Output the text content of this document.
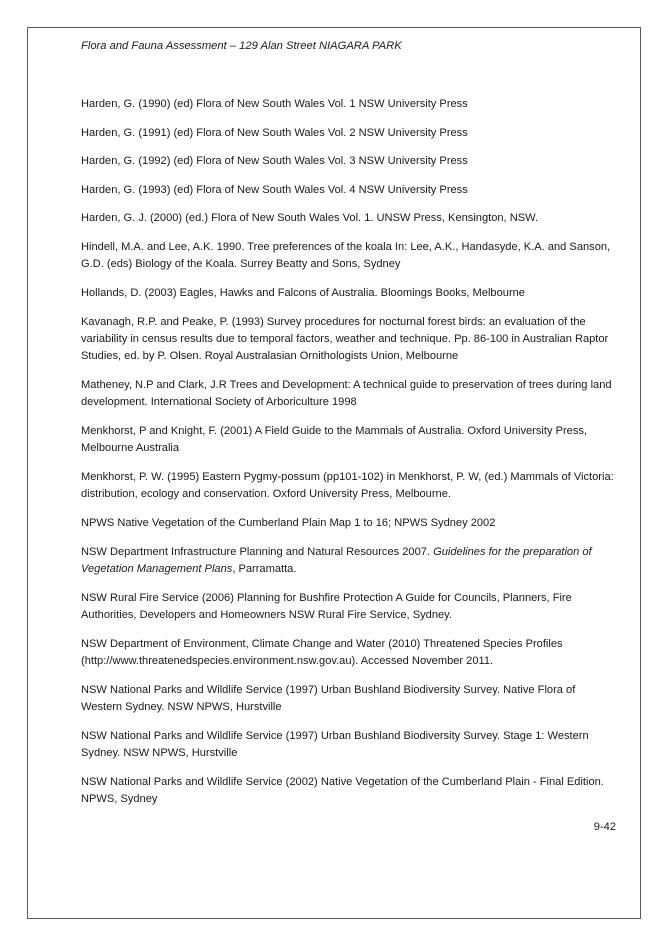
Flora and Fauna Assessment – 129 Alan Street NIAGARA PARK
Harden, G. (1990) (ed) Flora of New South Wales Vol. 1 NSW University Press
Harden, G. (1991) (ed) Flora of New South Wales Vol. 2 NSW University Press
Harden, G. (1992) (ed) Flora of New South Wales Vol. 3 NSW University Press
Harden, G. (1993) (ed) Flora of New South Wales Vol. 4 NSW University Press
Harden, G. J. (2000) (ed.) Flora of New South Wales Vol. 1. UNSW Press, Kensington, NSW.
Hindell, M.A. and Lee, A.K. 1990. Tree preferences of the koala In: Lee, A.K., Handasyde, K.A. and Sanson, G.D. (eds) Biology of the Koala. Surrey Beatty and Sons, Sydney
Hollands, D. (2003) Eagles, Hawks and Falcons of Australia. Bloomings Books, Melbourne
Kavanagh, R.P. and Peake, P. (1993) Survey procedures for nocturnal forest birds: an evaluation of the variability in census results due to temporal factors, weather and technique. Pp. 86-100 in Australian Raptor Studies, ed. by P. Olsen. Royal Australasian Ornithologists Union, Melbourne
Matheney, N.P and Clark, J.R Trees and Development: A technical guide to preservation of trees during land development. International Society of Arboriculture 1998
Menkhorst, P and Knight, F. (2001) A Field Guide to the Mammals of Australia. Oxford University Press, Melbourne Australia
Menkhorst, P. W. (1995) Eastern Pygmy-possum (pp101-102) in Menkhorst, P. W, (ed.) Mammals of Victoria: distribution, ecology and conservation. Oxford University Press, Melbourne.
NPWS Native Vegetation of the Cumberland Plain Map 1 to 16; NPWS Sydney 2002
NSW Department Infrastructure Planning and Natural Resources 2007. Guidelines for the preparation of Vegetation Management Plans, Parramatta.
NSW Rural Fire Service (2006) Planning for Bushfire Protection A Guide for Councils, Planners, Fire Authorities, Developers and Homeowners NSW Rural Fire Service, Sydney.
NSW Department of Environment, Climate Change and Water (2010) Threatened Species Profiles (http://www.threatenedspecies.environment.nsw.gov.au). Accessed November 2011.
NSW National Parks and Wildlife Service (1997) Urban Bushland Biodiversity Survey. Native Flora of Western Sydney. NSW NPWS, Hurstville
NSW National Parks and Wildlife Service (1997) Urban Bushland Biodiversity Survey. Stage 1: Western Sydney. NSW NPWS, Hurstville
NSW National Parks and Wildlife Service (2002) Native Vegetation of the Cumberland Plain - Final Edition. NPWS, Sydney
9-42
